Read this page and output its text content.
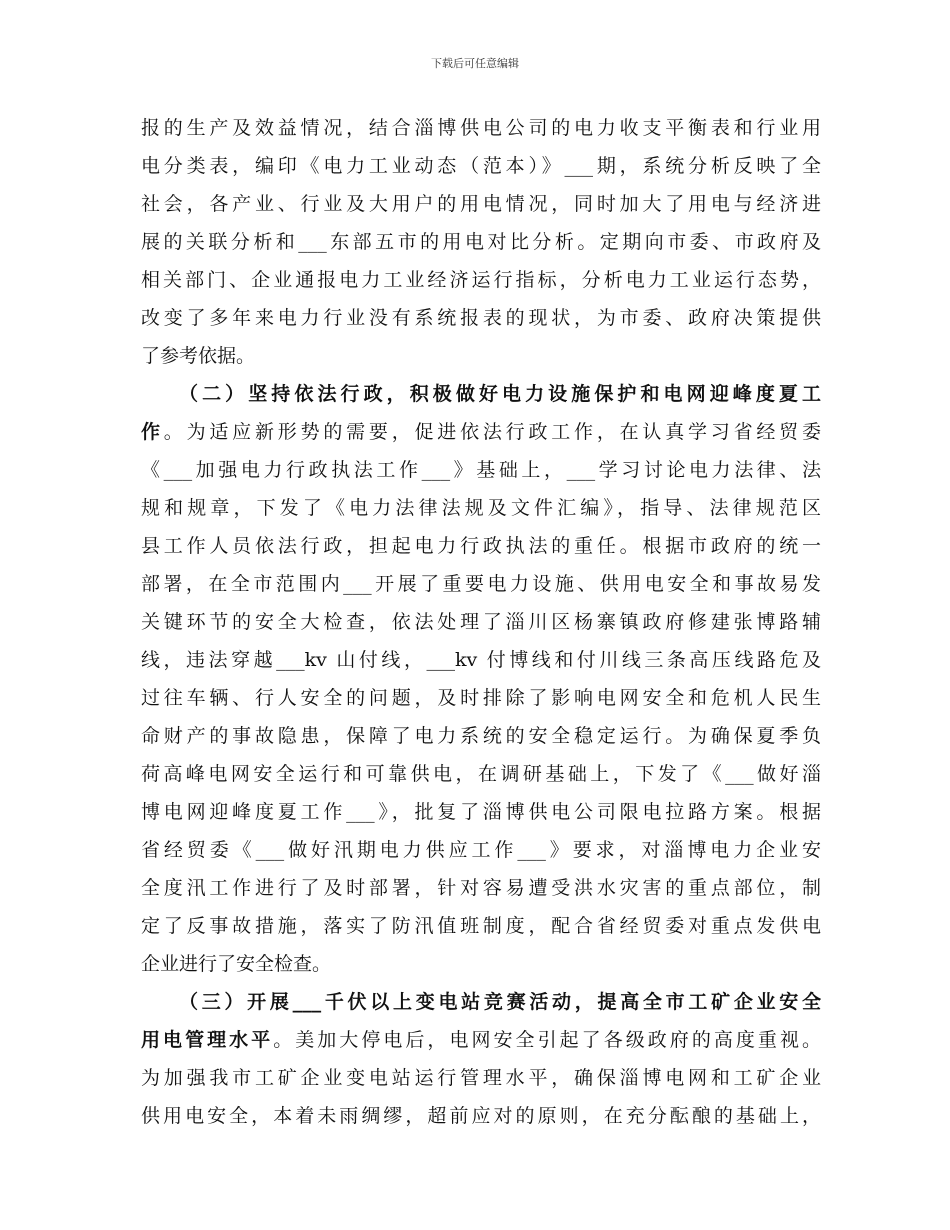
下载后可任意编辑
报的生产及效益情况，结合淄博供电公司的电力收支平衡表和行业用
电分类表，编印《电力工业动态（范本）》___期，系统分析反映了全
社会，各产业、行业及大用户的用电情况，同时加大了用电与经济进
展的关联分析和___东部五市的用电对比分析。定期向市委、市政府及
相关部门、企业通报电力工业经济运行指标，分析电力工业运行态势，
改变了多年来电力行业没有系统报表的现状，为市委、政府决策提供
了参考依据。
（二）坚持依法行政，积极做好电力设施保护和电网迎峰度夏工
作。为适应新形势的需要，促进依法行政工作，在认真学习省经贸委
《___加强电力行政执法工作___》基础上，___学习讨论电力法律、法
规和规章，下发了《电力法律法规及文件汇编》，指导、法律规范区
县工作人员依法行政，担起电力行政执法的重任。根据市政府的统一
部署，在全市范围内___开展了重要电力设施、供用电安全和事故易发
关键环节的安全大检查，依法处理了淄川区杨寨镇政府修建张博路辅
线，违法穿越___kv 山付线，___kv 付博线和付川线三条高压线路危及
过往车辆、行人安全的问题，及时排除了影响电网安全和危机人民生
命财产的事故隐患，保障了电力系统的安全稳定运行。为确保夏季负
荷高峰电网安全运行和可靠供电，在调研基础上，下发了《___做好淄
博电网迎峰度夏工作___》，批复了淄博供电公司限电拉路方案。根据
省经贸委《___做好汛期电力供应工作___》要求，对淄博电力企业安
全度汛工作进行了及时部署，针对容易遭受洪水灾害的重点部位，制
定了反事故措施，落实了防汛值班制度，配合省经贸委对重点发供电
企业进行了安全检查。
（三）开展___千伏以上变电站竞赛活动，提高全市工矿企业安全
用电管理水平。美加大停电后，电网安全引起了各级政府的高度重视。
为加强我市工矿企业变电站运行管理水平，确保淄博电网和工矿企业
供用电安全，本着未雨绸缪，超前应对的原则，在充分酝酿的基础上，
